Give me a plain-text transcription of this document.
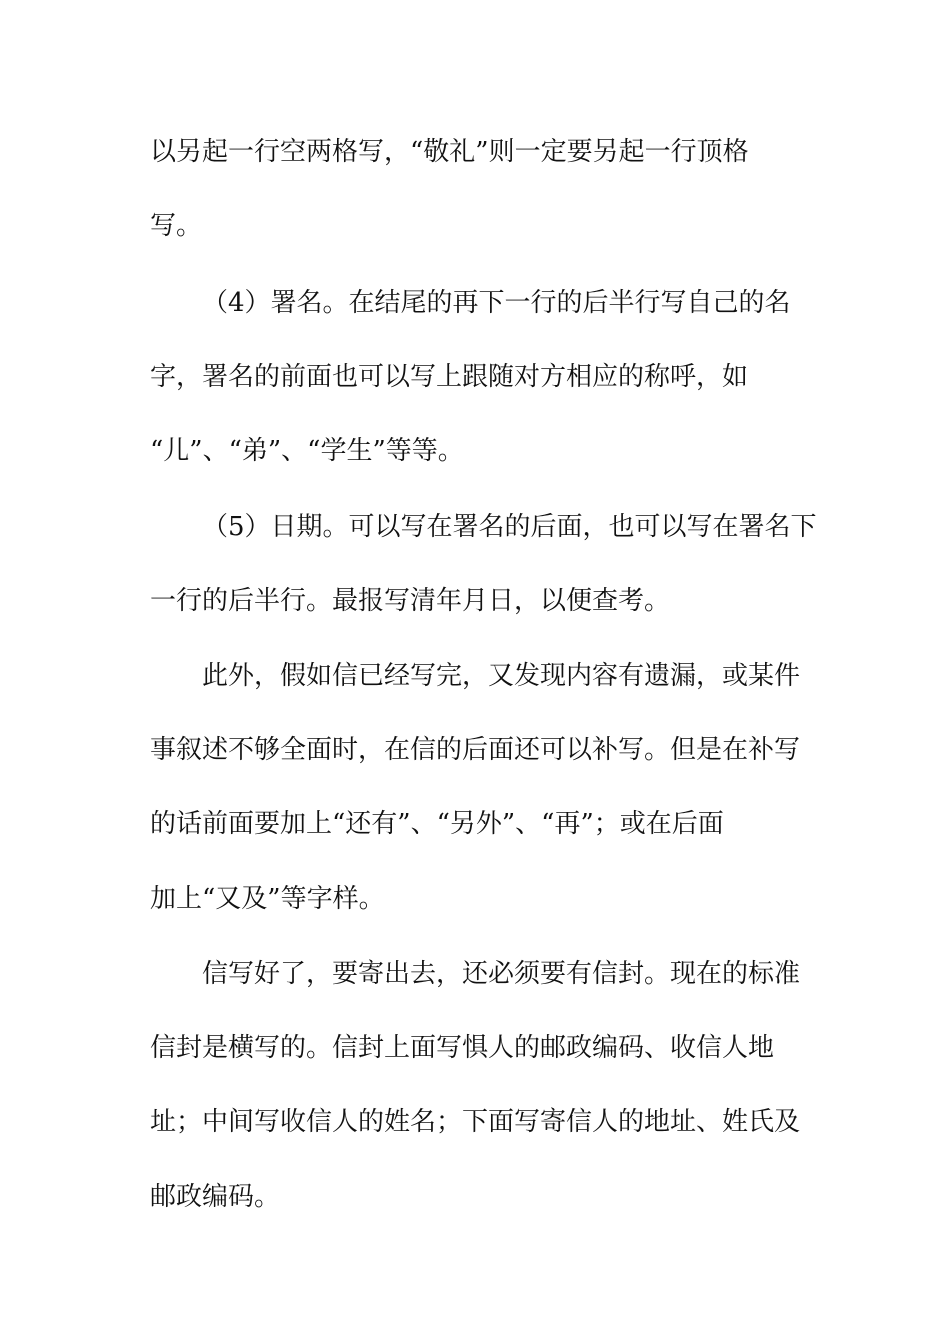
以另起一行空两格写，“敬礼”则一定要另起一行顶格
写。
（4）署名。在结尾的再下一行的后半行写自己的名
字，署名的前面也可以写上跟随对方相应的称呼，如
“儿”、“弟”、“学生”等等。
（5）日期。可以写在署名的后面，也可以写在署名下
一行的后半行。最报写清年月日，以便查考。
此外，假如信已经写完，又发现内容有遗漏，或某件
事叙述不够全面时，在信的后面还可以补写。但是在补写
的话前面要加上“还有”、“另外”、“再”；或在后面
加上“又及”等字样。
信写好了，要寄出去，还必须要有信封。现在的标准
信封是横写的。信封上面写惧人的邮政编码、收信人地
址；中间写收信人的姓名；下面写寄信人的地址、姓氏及
邮政编码。
